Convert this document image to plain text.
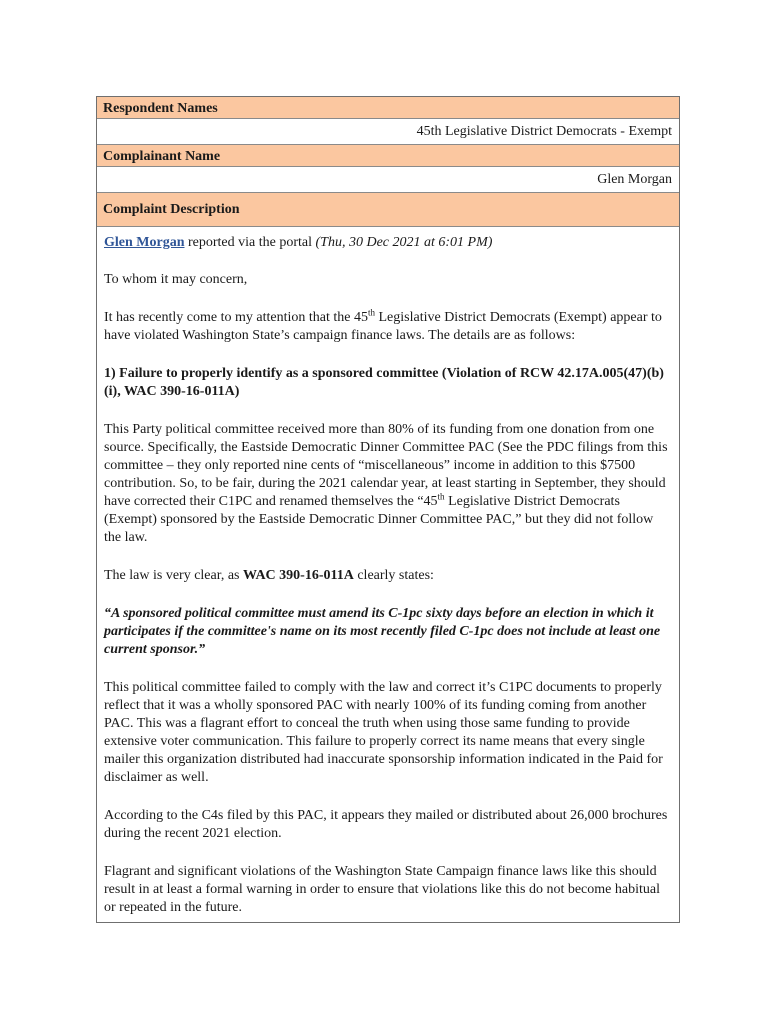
Respondent Names
45th Legislative District Democrats - Exempt
Complainant Name
Glen Morgan
Complaint Description

Glen Morgan reported via the portal (Thu, 30 Dec 2021 at 6:01 PM)

To whom it may concern,

It has recently come to my attention that the 45th Legislative District Democrats (Exempt) appear to have violated Washington State’s campaign finance laws. The details are as follows:

1) Failure to properly identify as a sponsored committee (Violation of RCW 42.17A.005(47)(b)(i), WAC 390-16-011A)

This Party political committee received more than 80% of its funding from one donation from one source. Specifically, the Eastside Democratic Dinner Committee PAC (See the PDC filings from this committee – they only reported nine cents of “miscellaneous” income in addition to this $7500 contribution. So, to be fair, during the 2021 calendar year, at least starting in September, they should have corrected their C1PC and renamed themselves the “45th Legislative District Democrats (Exempt) sponsored by the Eastside Democratic Dinner Committee PAC,” but they did not follow the law.

The law is very clear, as WAC 390-16-011A clearly states:

“A sponsored political committee must amend its C-1pc sixty days before an election in which it participates if the committee's name on its most recently filed C-1pc does not include at least one current sponsor.”

This political committee failed to comply with the law and correct it’s C1PC documents to properly reflect that it was a wholly sponsored PAC with nearly 100% of its funding coming from another PAC. This was a flagrant effort to conceal the truth when using those same funding to provide extensive voter communication. This failure to properly correct its name means that every single mailer this organization distributed had inaccurate sponsorship information indicated in the Paid for disclaimer as well.

According to the C4s filed by this PAC, it appears they mailed or distributed about 26,000 brochures during the recent 2021 election.

Flagrant and significant violations of the Washington State Campaign finance laws like this should result in at least a formal warning in order to ensure that violations like this do not become habitual or repeated in the future.
